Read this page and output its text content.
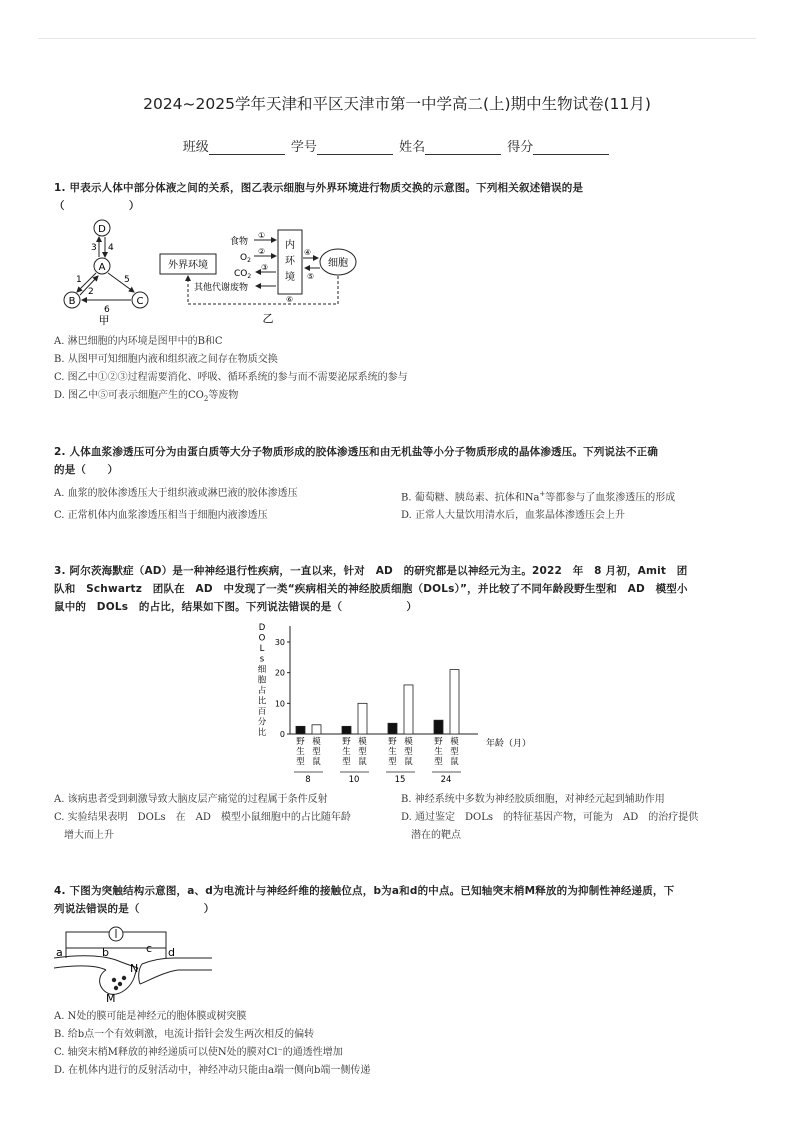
2024~2025学年天津和平区天津市第一中学高二(上)期中生物试卷(11月)
班级	学号	姓名	得分
1. 甲表示人体中部分体液之间的关系，图乙表示细胞与外界环境进行物质交换的示意图。下列相关叙述错误的是
（　　　　　　）
D
A
B	C
3 4
1
2
5
6
甲
外界环境
内
环
境
细胞
食物
①
$O_2$
②
$CO_2$
③
其他代谢废物
④
⑤
⑥
乙
A. 淋巴细胞的内环境是图甲中的B和C
B. 从图甲可知细胞内液和组织液之间存在物质交换
C. 图乙中①②③过程需要消化、呼吸、循环系统的参与而不需要泌尿系统的参与
D. 图乙中⑤可表示细胞产生的$CO_2$等废物
2. 人体血浆渗透压可分为由蛋白质等大分子物质形成的胶体渗透压和由无机盐等小分子物质形成的晶体渗透压。下列说法不正确
的是（　　）
A. 血浆的胶体渗透压大于组织液或淋巴液的胶体渗透压	B. 葡萄糖、胰岛素、抗体和Na+等都参与了血浆渗透压的形成
C. 正常机体内血浆渗透压相当于细胞内液渗透压	D. 正常人大量饮用清水后，血浆晶体渗透压会上升
3. 阿尔茨海默症（AD）是一种神经退行性疾病，一直以来，针对　AD　的研究都是以神经元为主。2022　年　8 月初，Amit　团
队和　Schwartz　团队在　AD　中发现了一类“疾病相关的神经胶质细胞（DOLs）”，并比较了不同年龄段野生型和　AD　模型小
鼠中的　DOLs　的占比，结果如下图。下列说法错误的是（　　　　　　）
D
O
L
s
细
胞
占
比
百
分
比 0
10
20
30
野
生
型
模
型
鼠
8
野
生
型
模
型
鼠
10
野
生
型
模
型
鼠
15
野
生
型
模
型
鼠
24
年龄（月）
A. 该病患者受到刺激导致大脑皮层产痛觉的过程属于条件反射	B. 神经系统中多数为神经胶质细胞，对神经元起到辅助作用
C. 实验结果表明　DOLs　在　AD　模型小鼠细胞中的占比随年龄
增大而上升
D. 通过鉴定　DOLs　的特征基因产物，可能为　AD　的治疗提供
潜在的靶点
4. 下图为突触结构示意图，a、d为电流计与神经纤维的接触位点，b为a和d的中点。已知轴突末梢M释放的为抑制性神经递质，下
列说法错误的是（　　　　　　）
a	b	c d
N
M
A. N处的膜可能是神经元的胞体膜或树突膜
B. 给b点一个有效刺激，电流计指针会发生两次相反的偏转
C. 轴突末梢M释放的神经递质可以使N处的膜对Cl⁻的通透性增加
D. 在机体内进行的反射活动中，神经冲动只能由a端一侧向b端一侧传递
